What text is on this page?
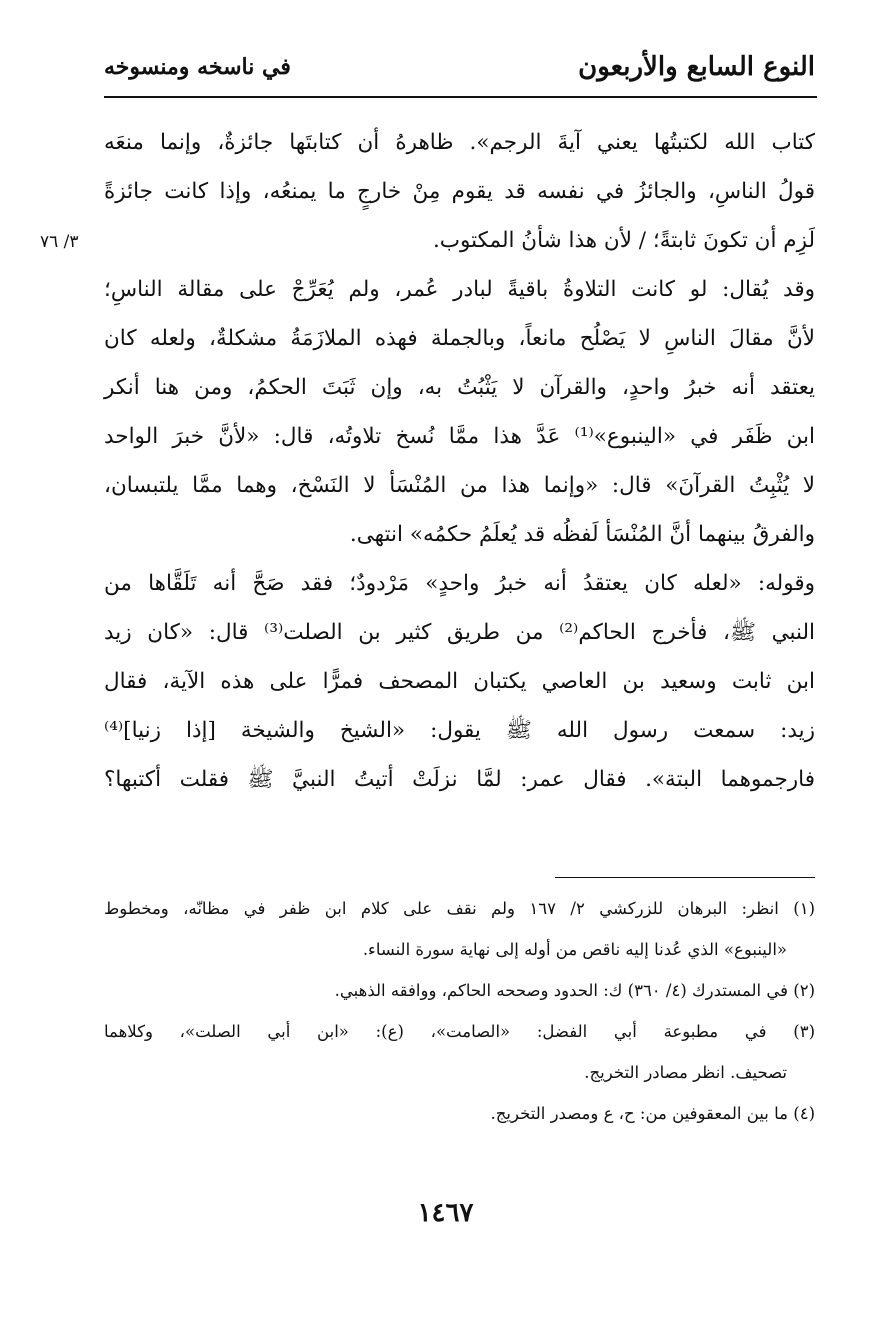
النوع السابع والأربعون
في ناسخه ومنسوخه
٣/ ٧٦
كتاب الله لكتبتُها يعني آيةَ الرجم». ظاهرهُ أن كتابتَها جائزةٌ، وإنما منعَه
قولُ الناسِ، والجائزُ في نفسه قد يقوم مِنْ خارجٍ ما يمنعُه، وإذا كانت جائزةً
لَزِم أن تكونَ ثابتةً؛ / لأن هذا شأنُ المكتوب.
وقد يُقال: لو كانت التلاوةُ باقيةً لبادر عُمر، ولم يُعَرِّجْ على مقالة الناسِ؛
لأنَّ مقالَ الناسِ لا يَصْلُح مانعاً، وبالجملة فهذه الملازَمَةُ مشكلةٌ، ولعله كان
يعتقد أنه خبرُ واحدٍ، والقرآن لا يَثْبُتُ به، وإن ثَبَتَ الحكمُ، ومن هنا أنكر
ابن ظَفَر في «الينبوع»⁽¹⁾ عَدَّ هذا ممَّا نُسخ تلاوتُه، قال: «لأنَّ خبرَ الواحد
لا يُثْبِتُ القرآنَ» قال: «وإنما هذا من المُنْسَأ لا النَسْخ، وهما ممَّا يلتبسان،
والفرقُ بينهما أنَّ المُنْسَأ لَفظُه قد يُعلَمُ حكمُه» انتهى.
وقوله: «لعله كان يعتقدُ أنه خبرُ واحدٍ» مَرْدودٌ؛ فقد صَحَّ أنه تَلَقَّاها من
النبي ﷺ، فأخرج الحاكم⁽²⁾ من طريق كثير بن الصلت⁽³⁾ قال: «كان زيد
ابن ثابت وسعيد بن العاصي يكتبان المصحف فمرًّا على هذه الآية، فقال
زيد: سمعت رسول الله ﷺ يقول: «الشيخ والشيخة [إذا زنيا]⁽⁴⁾
فارجموهما البتة». فقال عمر: لمَّا نزلَتْ أتيتُ النبيَّ ﷺ فقلت أكتبها؟
(١) انظر: البرهان للزركشي ٢/ ١٦٧ ولم نقف على كلام ابن ظفر في مظانّه، ومخطوط
«الينبوع» الذي عُدنا إليه ناقص من أوله إلى نهاية سورة النساء.
(٢) في المستدرك (٤/ ٣٦٠) ك: الحدود وصححه الحاكم، ووافقه الذهبي.
(٣) في مطبوعة أبي الفضل: «الصامت»، (ع): «ابن أبي الصلت»، وكلاهما
تصحيف. انظر مصادر التخريج.
(٤) ما بين المعقوفين من: ح، ع ومصدر التخريج.
١٤٦٧
